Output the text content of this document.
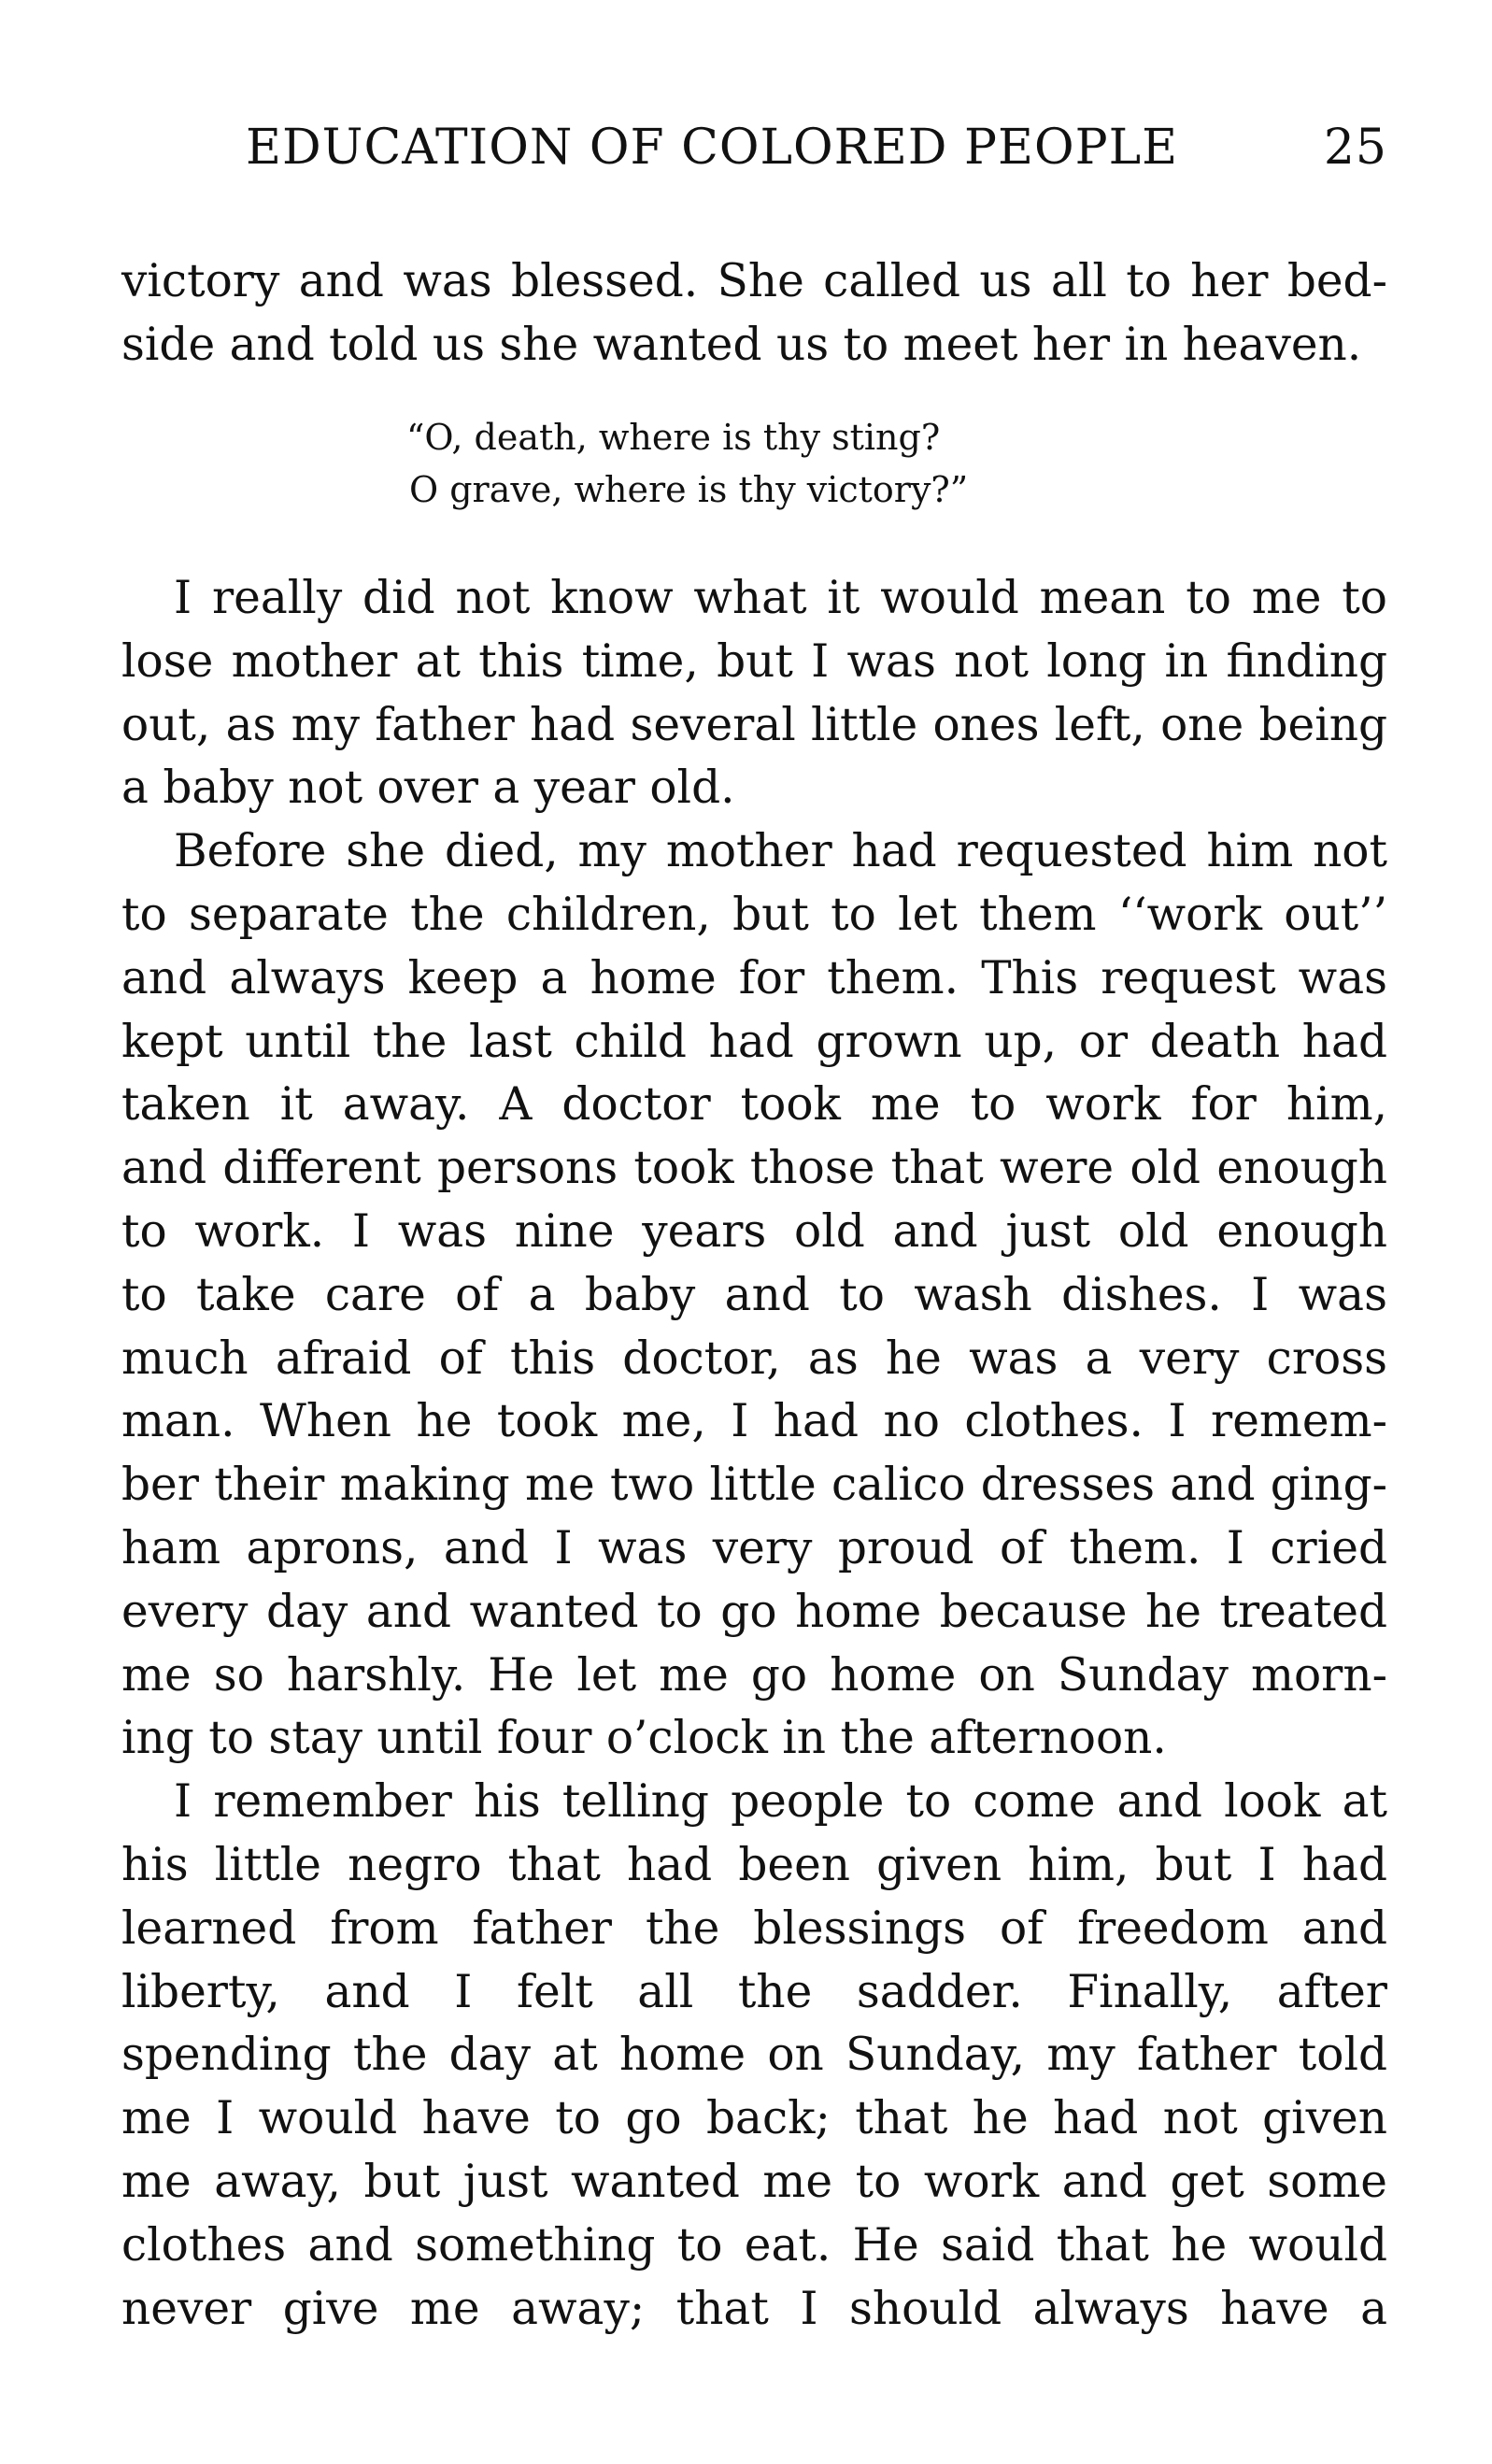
EDUCATION OF COLORED PEOPLE	25
victory and was blessed. She called us all to her bed-
side and told us she wanted us to meet her in heaven.
“O, death, where is thy sting?
O grave, where is thy victory?”
I really did not know what it would mean to me to
lose mother at this time, but I was not long in finding
out, as my father had several little ones left, one being
a baby not over a year old.
Before she died, my mother had requested him not
to separate the children, but to let them ‘‘work out’’
and always keep a home for them. This request was
kept until the last child had grown up, or death had
taken it away. A doctor took me to work for him,
and different persons took those that were old enough
to work. I was nine years old and just old enough
to take care of a baby and to wash dishes. I was
much afraid of this doctor, as he was a very cross
man. When he took me, I had no clothes. I remem-
ber their making me two little calico dresses and ging-
ham aprons, and I was very proud of them. I cried
every day and wanted to go home because he treated
me so harshly. He let me go home on Sunday morn-
ing to stay until four o’clock in the afternoon.
I remember his telling people to come and look at
his little negro that had been given him, but I had
learned from father the blessings of freedom and
liberty, and I felt all the sadder. Finally, after
spending the day at home on Sunday, my father told
me I would have to go back; that he had not given
me away, but just wanted me to work and get some
clothes and something to eat. He said that he would
never give me away; that I should always have a
